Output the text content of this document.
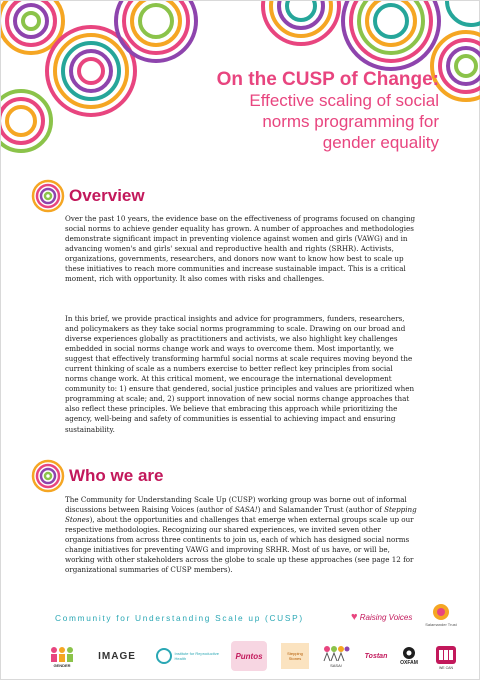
On the CUSP of Change:
Effective scaling of social
norms programming for
gender equality
Overview

Over the past 10 years, the evidence base on the effectiveness of programs focused on changing social norms to achieve gender equality has grown. A number of approaches and methodologies demonstrate significant impact in preventing violence against women and girls (VAWG) and in advancing women's and girls' sexual and reproductive health and rights (SRHR). Activists, organizations, governments, researchers, and donors now want to know how best to scale up these initiatives to reach more communities and increase sustainable impact. This is a critical moment, rich with opportunity. It also comes with risks and challenges.

In this brief, we provide practical insights and advice for programmers, funders, researchers, and policymakers as they take social norms programming to scale. Drawing on our broad and diverse experiences globally as practitioners and activists, we also highlight key challenges embedded in social norms change work and ways to overcome them. Most importantly, we suggest that effectively transforming harmful social norms at scale requires moving beyond the current thinking of scale as a numbers exercise to better reflect key principles from social norms change work. At this critical moment, we encourage the international development community to: 1) ensure that gendered, social justice principles and values are prioritized when programming at scale; and, 2) support innovation of new social norms change approaches that also reflect these principles. We believe that embracing this approach while prioritizing the agency, well-being and safety of communities is essential to achieving impact and ensuring sustainability.

Who we are

The Community for Understanding Scale Up (CUSP) working group was borne out of informal discussions between Raising Voices (author of SASA!) and Salamander Trust (author of Stepping Stones), about the opportunities and challenges that emerge when external groups scale up our respective methodologies. Recognizing our shared experiences, we invited seven other organizations from across three continents to join us, each of which has designed social norms change initiatives for preventing VAWG and improving SRHR. Most of us have, or will be, working with other stakeholders across the globe to scale up these approaches (see page 12 for organizational summaries of CUSP members).

Community for Understanding Scale up (CUSP)	♥ Raising Voices
Salamander Trust
GENDER
IMAGE	Institute for Reproductive Health	Puntos	Stepping Stones
SASA!
Tostan
OXFAM
WE CAN
